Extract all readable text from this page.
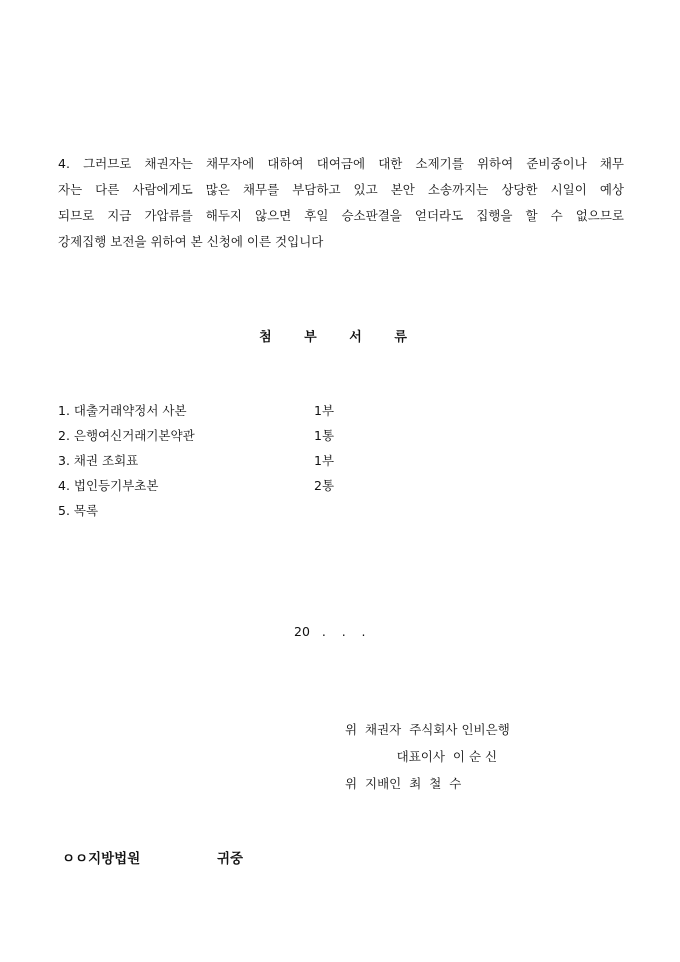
4. 그러므로 채권자는 채무자에 대하여 대여금에 대한 소제기를 위하여 준비중이나 채무
자는 다른 사람에게도 많은 채무를 부담하고 있고 본안 소송까지는 상당한 시일이 예상
되므로 지금 가압류를 해두지 않으면 후일 승소판결을 얻더라도 집행을 할 수 없으므로
강제집행 보전을 위하여 본 신청에 이른 것입니다
첨 부 서 류
1. 대출거래약정서 사본	1부
2. 은행여신거래기본약관	1통
3. 채권 조회표	1부
4. 법인등기부초본	2통
5. 목록
20   .    .    .
위  채권자  주식회사 인비은행
대표이사  이 순 신
위  지배인  최  철  수
ㅇㅇ지방법원	귀중
